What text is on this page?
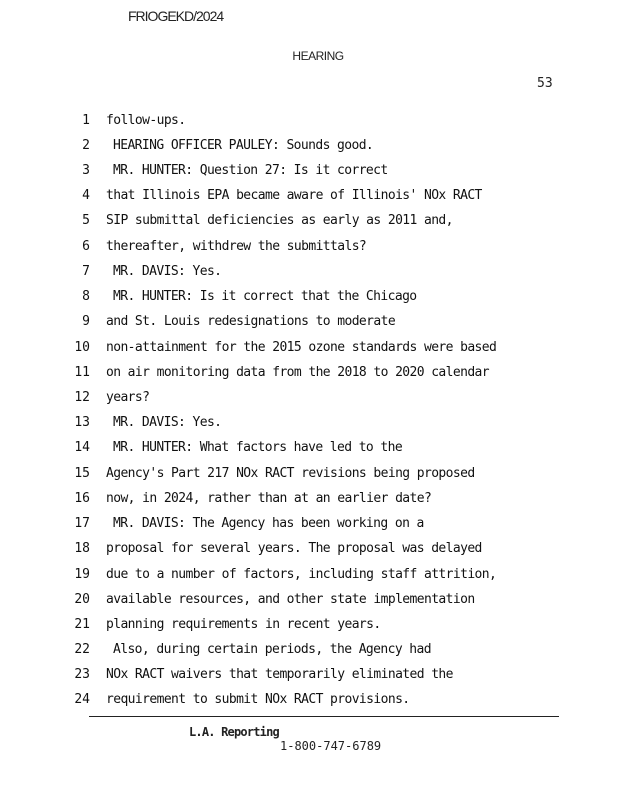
FRIOGEKD/2024
HEARING
53
1 follow-ups.
2 HEARING OFFICER PAULEY: Sounds good.
3 MR. HUNTER: Question 27: Is it correct
4 that Illinois EPA became aware of Illinois' NOx RACT
5 SIP submittal deficiencies as early as 2011 and,
6 thereafter, withdrew the submittals?
7 MR. DAVIS: Yes.
8 MR. HUNTER: Is it correct that the Chicago
9 and St. Louis redesignations to moderate
10 non-attainment for the 2015 ozone standards were based
11 on air monitoring data from the 2018 to 2020 calendar
12 years?
13 MR. DAVIS: Yes.
14 MR. HUNTER: What factors have led to the
15 Agency's Part 217 NOx RACT revisions being proposed
16 now, in 2024, rather than at an earlier date?
17 MR. DAVIS: The Agency has been working on a
18 proposal for several years. The proposal was delayed
19 due to a number of factors, including staff attrition,
20 available resources, and other state implementation
21 planning requirements in recent years.
22 Also, during certain periods, the Agency had
23 NOx RACT waivers that temporarily eliminated the
24 requirement to submit NOx RACT provisions.
L.A. Reporting
1-800-747-6789
